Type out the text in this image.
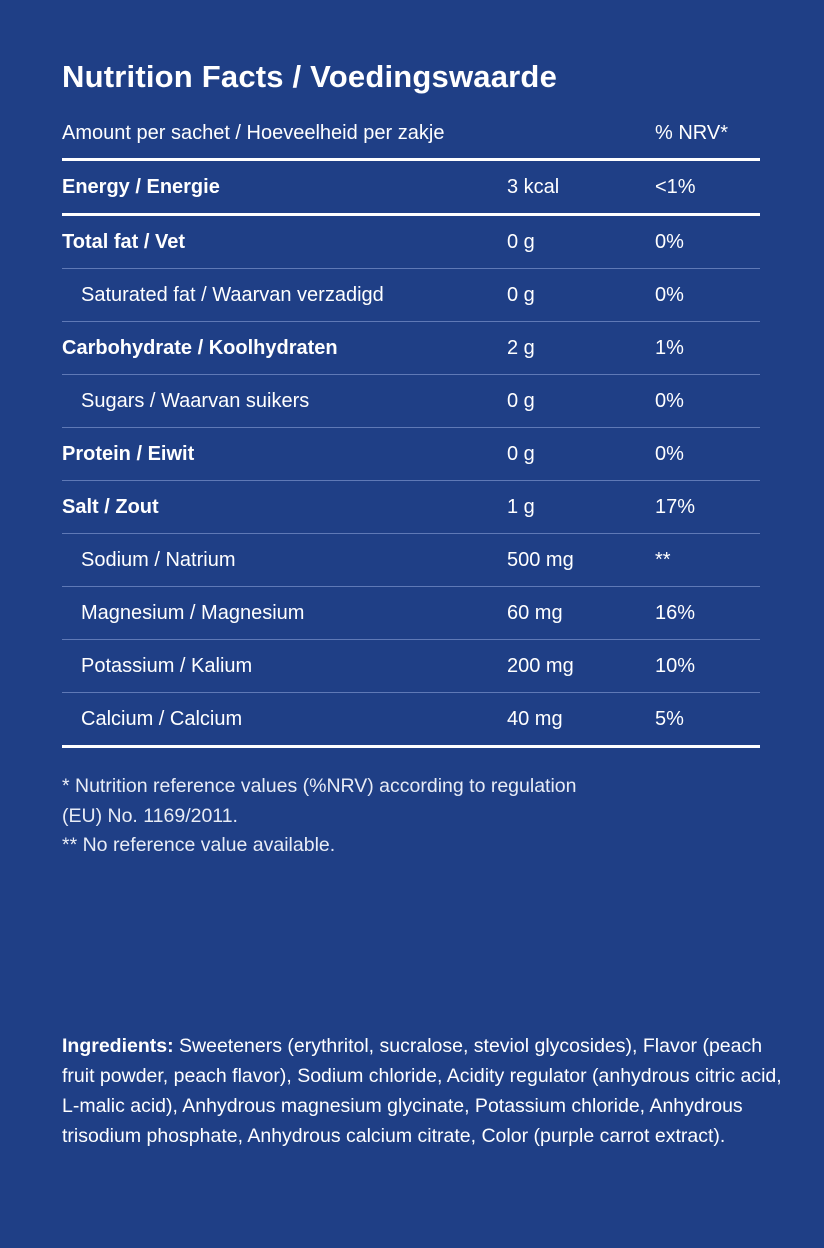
Nutrition Facts / Voedingswaarde
Amount per sachet / Hoeveelheid per zakje	% NRV*
Energy / Energie	3 kcal	<1%
Total fat / Vet	0 g	0%
Saturated fat / Waarvan verzadigd	0 g	0%
Carbohydrate / Koolhydraten	2 g	1%
Sugars / Waarvan suikers	0 g	0%
Protein / Eiwit	0 g	0%
Salt / Zout	1 g	17%
Sodium / Natrium	500 mg	**
Magnesium / Magnesium	60 mg	16%
Potassium / Kalium	200 mg	10%
Calcium / Calcium	40 mg	5%
* Nutrition reference values (%NRV) according to regulation
(EU) No. 1169/2011.
** No reference value available.
Ingredients: Sweeteners (erythritol, sucralose, steviol glycosides), Flavor (peach fruit powder, peach flavor), Sodium chloride, Acidity regulator (anhydrous citric acid, L-malic acid), Anhydrous magnesium glycinate, Potassium chloride, Anhydrous trisodium phosphate, Anhydrous calcium citrate, Color (purple carrot extract).
